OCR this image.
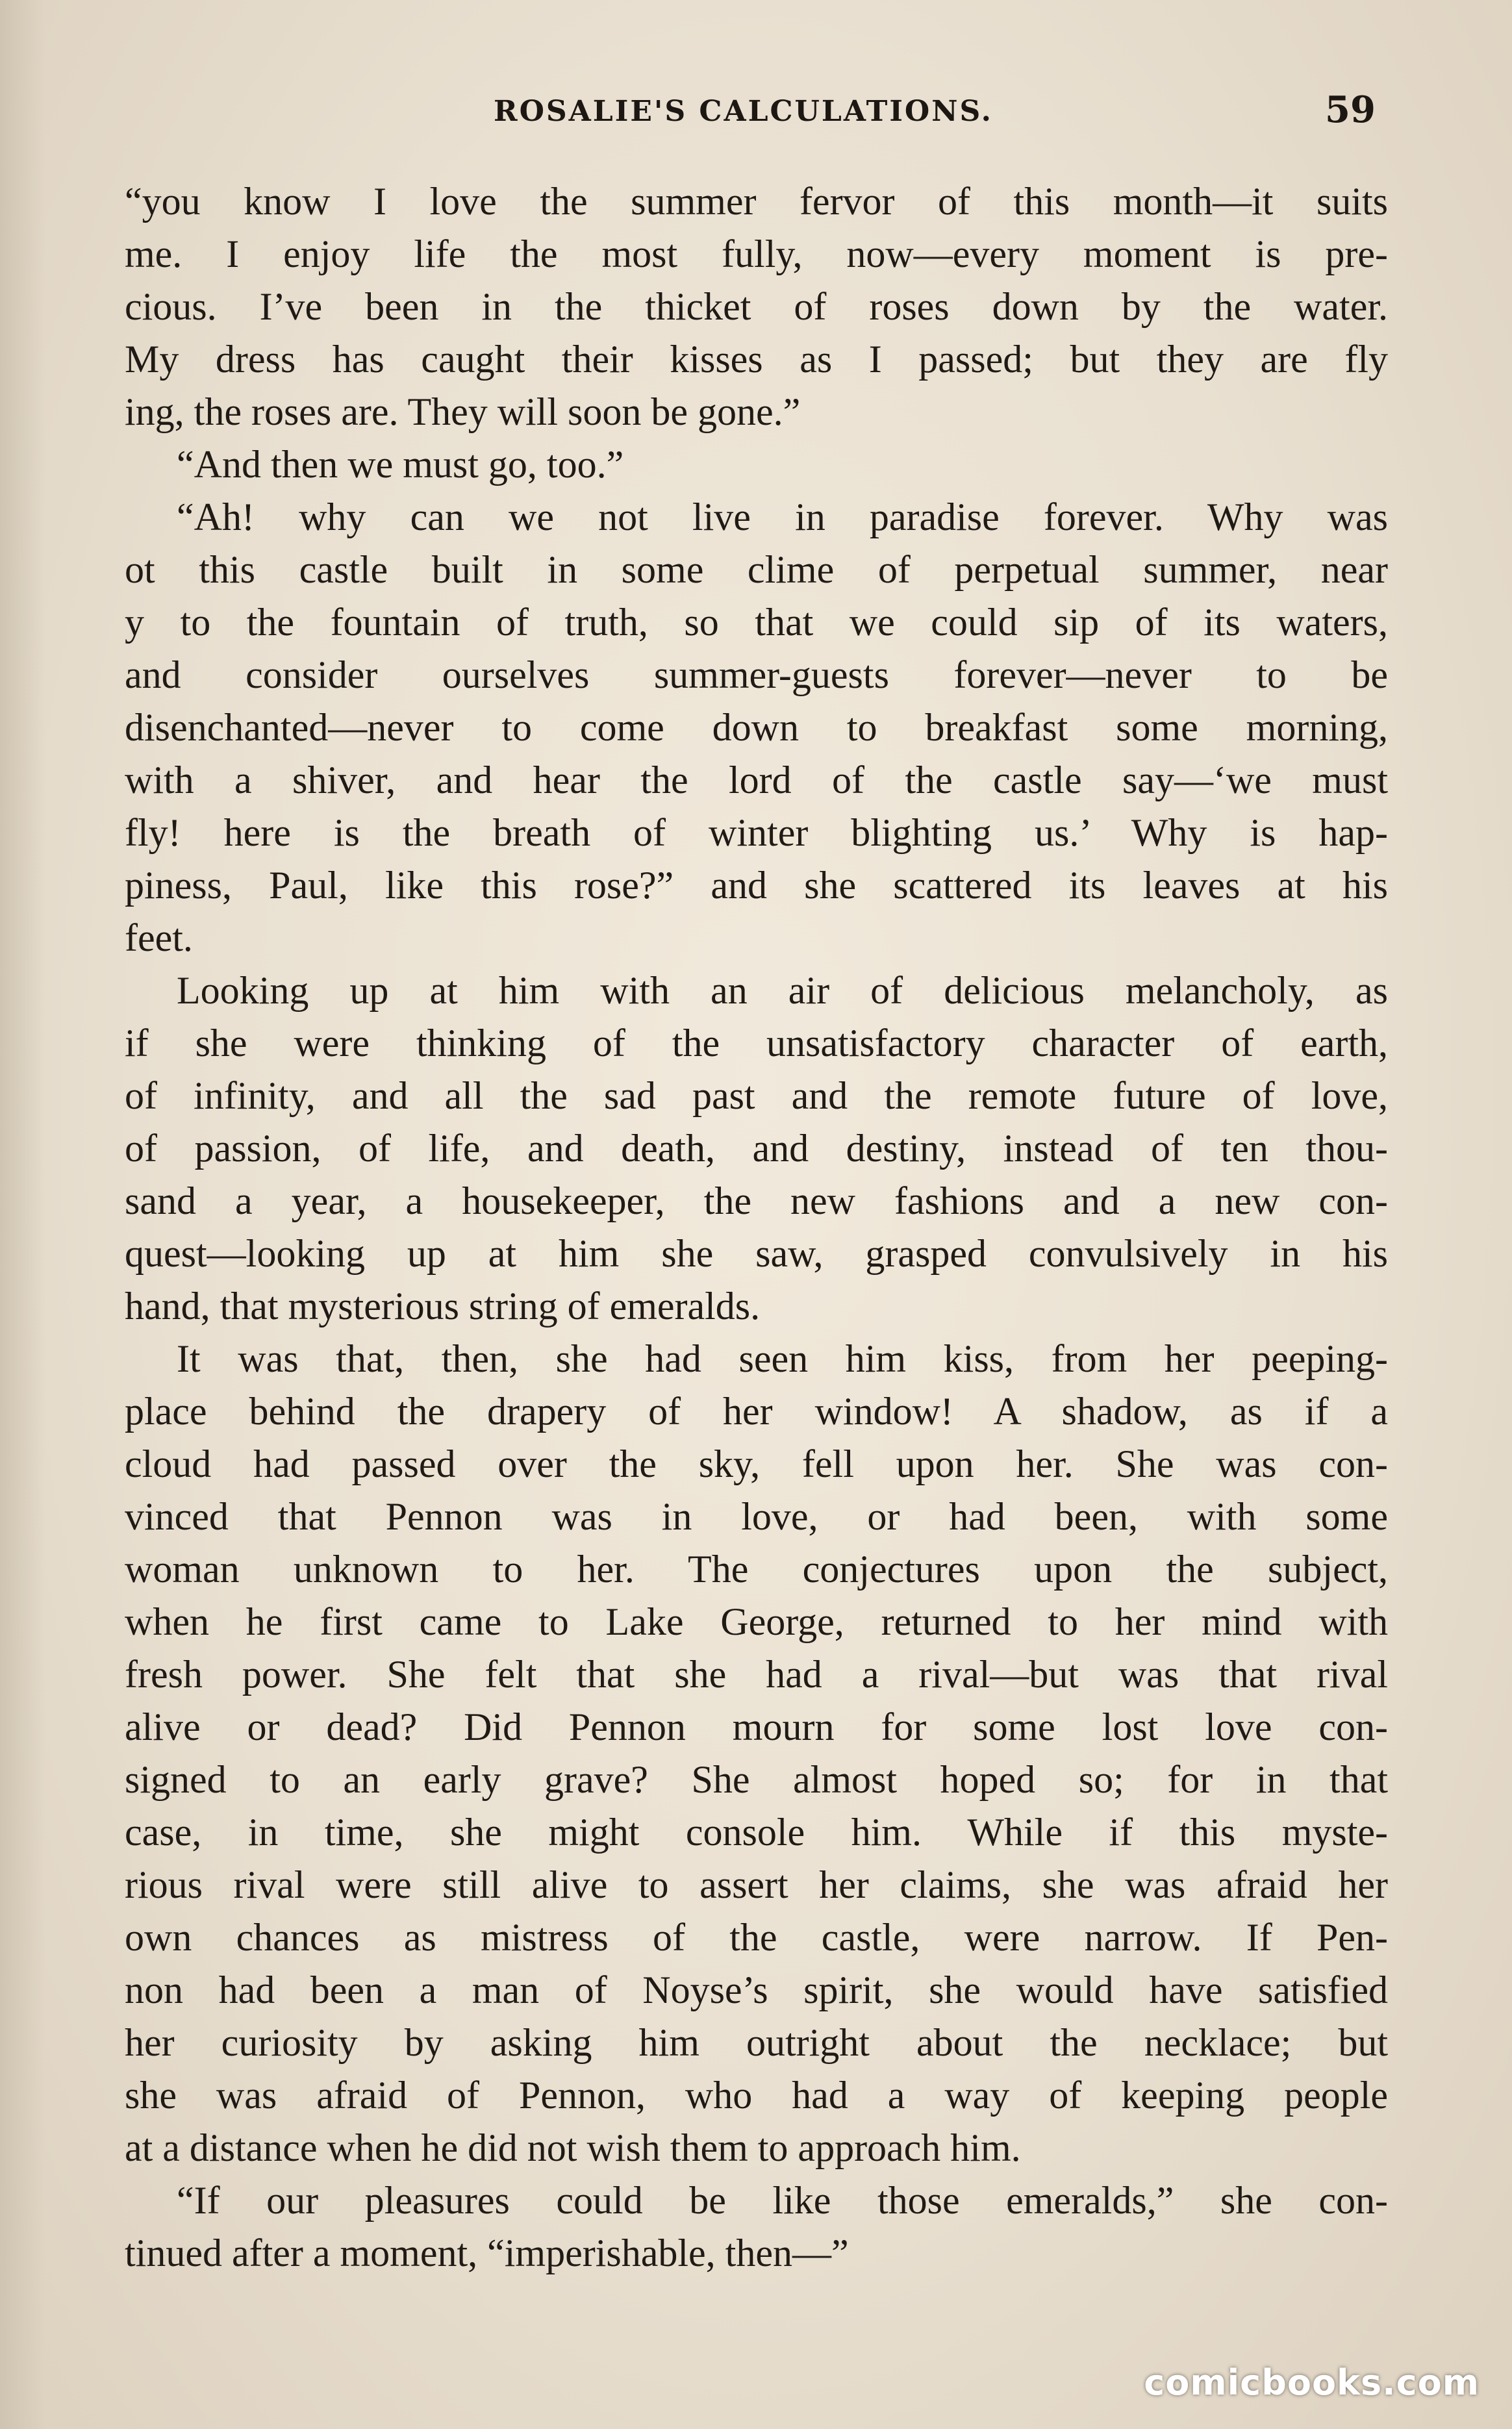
ROSALIE'S CALCULATIONS.	59
“you know I love the summer fervor of this month—it suits
me. I enjoy life the most fully, now—every moment is pre-
cious. I’ve been in the thicket of roses down by the water.
My dress has caught their kisses as I passed; but they are fly
ing, the roses are. They will soon be gone.”
“And then we must go, too.”
“Ah! why can we not live in paradise forever. Why was
ot this castle built in some clime of perpetual summer, near
y to the fountain of truth, so that we could sip of its waters,
and consider ourselves summer-guests forever—never to be
disenchanted—never to come down to breakfast some morning,
with a shiver, and hear the lord of the castle say—‘we must
fly! here is the breath of winter blighting us.’ Why is hap-
piness, Paul, like this rose?” and she scattered its leaves at his
feet.
Looking up at him with an air of delicious melancholy, as
if she were thinking of the unsatisfactory character of earth,
of infinity, and all the sad past and the remote future of love,
of passion, of life, and death, and destiny, instead of ten thou-
sand a year, a housekeeper, the new fashions and a new con-
quest—looking up at him she saw, grasped convulsively in his
hand, that mysterious string of emeralds.
It was that, then, she had seen him kiss, from her peeping-
place behind the drapery of her window! A shadow, as if a
cloud had passed over the sky, fell upon her. She was con-
vinced that Pennon was in love, or had been, with some
woman unknown to her. The conjectures upon the subject,
when he first came to Lake George, returned to her mind with
fresh power. She felt that she had a rival—but was that rival
alive or dead? Did Pennon mourn for some lost love con-
signed to an early grave? She almost hoped so; for in that
case, in time, she might console him. While if this myste-
rious rival were still alive to assert her claims, she was afraid her
own chances as mistress of the castle, were narrow. If Pen-
non had been a man of Noyse’s spirit, she would have satisfied
her curiosity by asking him outright about the necklace; but
she was afraid of Pennon, who had a way of keeping people
at a distance when he did not wish them to approach him.
“If our pleasures could be like those emeralds,” she con-
tinued after a moment, “imperishable, then—”
comicbooks.com
